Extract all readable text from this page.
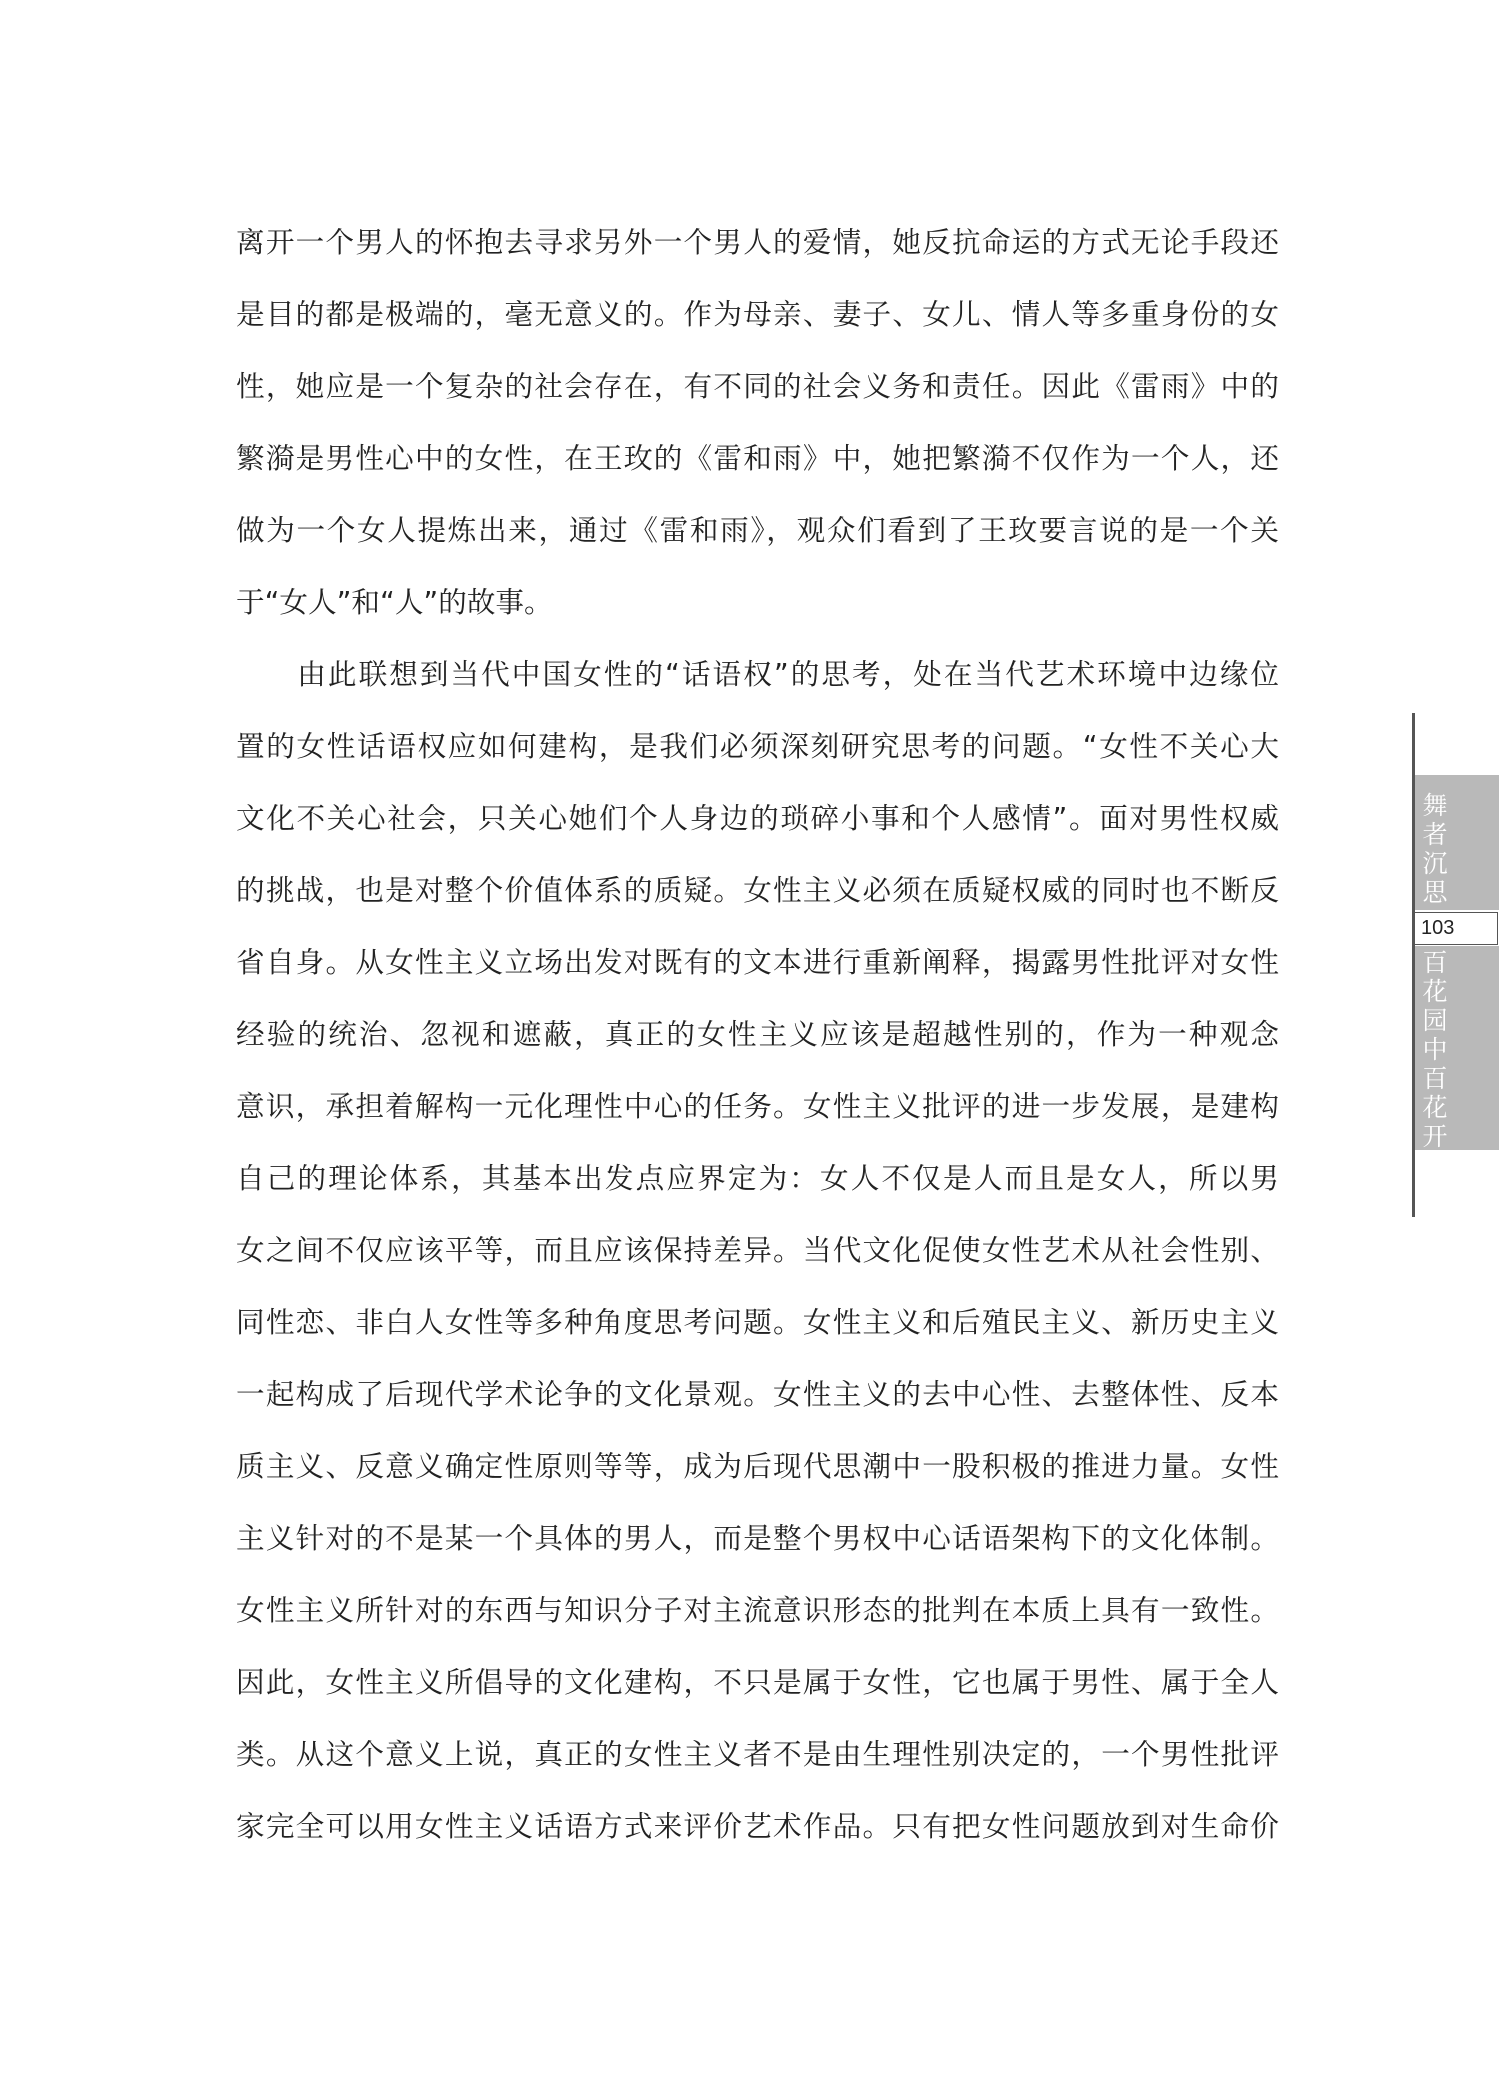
离开一个男人的怀抱去寻求另外一个男人的爱情，她反抗命运的方式无论手段还
是目的都是极端的，毫无意义的。作为母亲、妻子、女儿、情人等多重身份的女
性，她应是一个复杂的社会存在，有不同的社会义务和责任。因此《雷雨》中的
繁漪是男性心中的女性，在王玫的《雷和雨》中，她把繁漪不仅作为一个人，还
做为一个女人提炼出来，通过《雷和雨》，观众们看到了王玫要言说的是一个关
于“女人”和“人”的故事。
　　由此联想到当代中国女性的“话语权”的思考，处在当代艺术环境中边缘位
置的女性话语权应如何建构，是我们必须深刻研究思考的问题。“女性不关心大
文化不关心社会，只关心她们个人身边的琐碎小事和个人感情”。面对男性权威
的挑战，也是对整个价值体系的质疑。女性主义必须在质疑权威的同时也不断反
省自身。从女性主义立场出发对既有的文本进行重新阐释，揭露男性批评对女性
经验的统治、忽视和遮蔽，真正的女性主义应该是超越性别的，作为一种观念
意识，承担着解构一元化理性中心的任务。女性主义批评的进一步发展，是建构
自己的理论体系，其基本出发点应界定为：女人不仅是人而且是女人，所以男
女之间不仅应该平等，而且应该保持差异。当代文化促使女性艺术从社会性别、
同性恋、非白人女性等多种角度思考问题。女性主义和后殖民主义、新历史主义
一起构成了后现代学术论争的文化景观。女性主义的去中心性、去整体性、反本
质主义、反意义确定性原则等等，成为后现代思潮中一股积极的推进力量。女性
主义针对的不是某一个具体的男人，而是整个男权中心话语架构下的文化体制。
女性主义所针对的东西与知识分子对主流意识形态的批判在本质上具有一致性。
因此，女性主义所倡导的文化建构，不只是属于女性，它也属于男性、属于全人
类。从这个意义上说，真正的女性主义者不是由生理性别决定的，一个男性批评
家完全可以用女性主义话语方式来评价艺术作品。只有把女性问题放到对生命价
舞者沉思
103
百花园中百花开
